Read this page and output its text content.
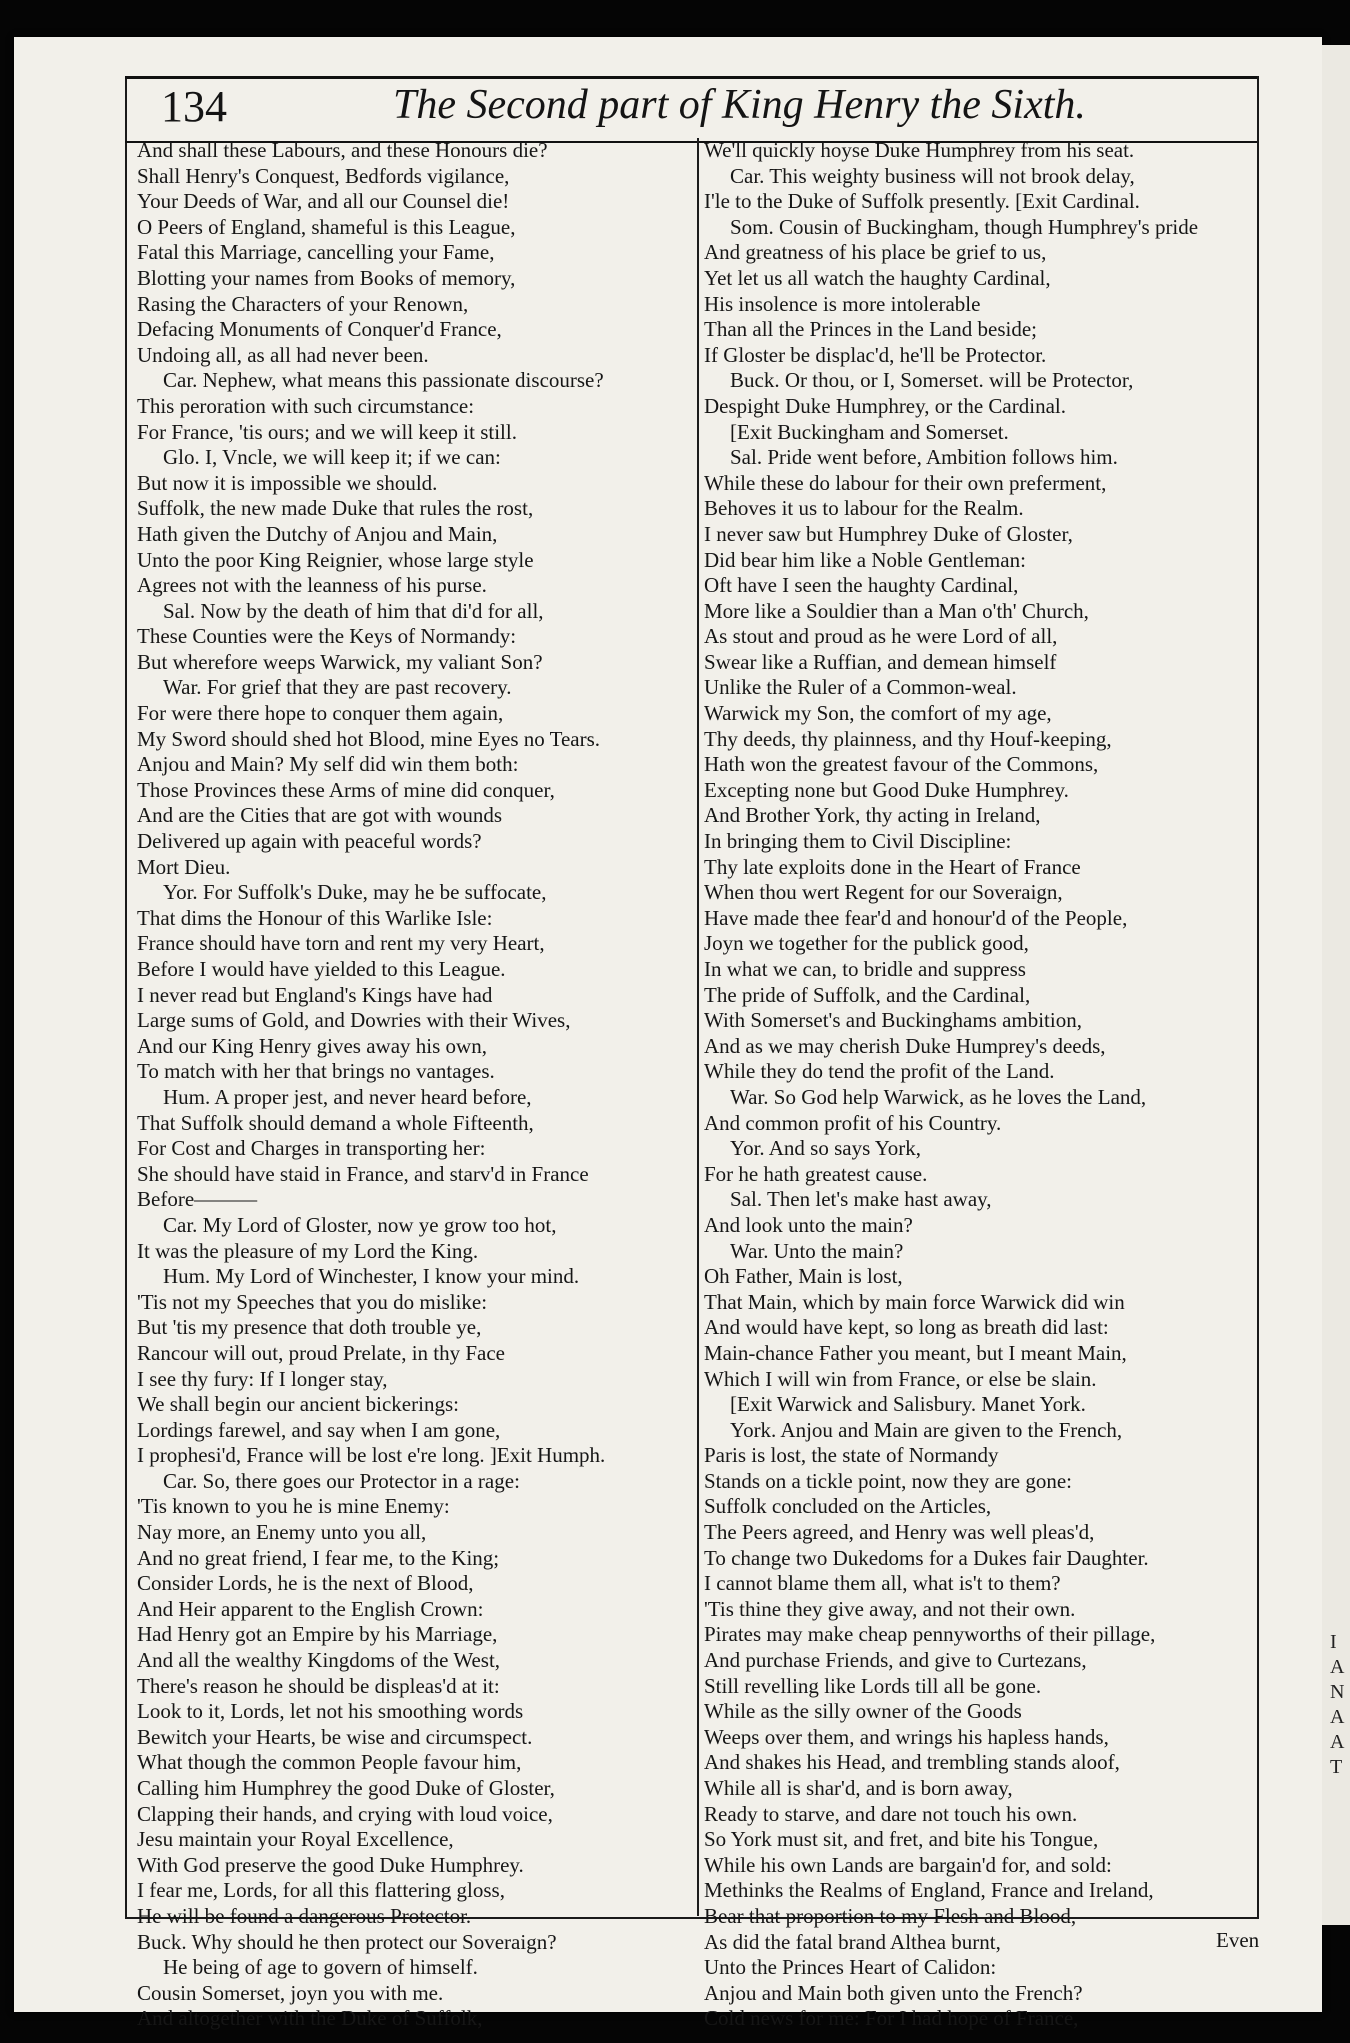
I
A
N
A
A
T
134	The Second part of King Henry the Sixth.
And shall these Labours, and these Honours die?
Shall Henry's Conquest, Bedfords vigilance,
Your Deeds of War, and all our Counsel die!
O Peers of England, shameful is this League,
Fatal this Marriage, cancelling your Fame,
Blotting your names from Books of memory,
Rasing the Characters of your Renown,
Defacing Monuments of Conquer'd France,
Undoing all, as all had never been.
Car. Nephew, what means this passionate discourse?
This peroration with such circumstance:
For France, 'tis ours; and we will keep it still.
Glo. I, Vncle, we will keep it; if we can:
But now it is impossible we should.
Suffolk, the new made Duke that rules the rost,
Hath given the Dutchy of Anjou and Main,
Unto the poor King Reignier, whose large style
Agrees not with the leanness of his purse.
Sal. Now by the death of him that di'd for all,
These Counties were the Keys of Normandy:
But wherefore weeps Warwick, my valiant Son?
War. For grief that they are past recovery.
For were there hope to conquer them again,
My Sword should shed hot Blood, mine Eyes no Tears.
Anjou and Main? My self did win them both:
Those Provinces these Arms of mine did conquer,
And are the Cities that are got with wounds
Delivered up again with peaceful words?
Mort Dieu.
Yor. For Suffolk's Duke, may he be suffocate,
That dims the Honour of this Warlike Isle:
France should have torn and rent my very Heart,
Before I would have yielded to this League.
I never read but England's Kings have had
Large sums of Gold, and Dowries with their Wives,
And our King Henry gives away his own,
To match with her that brings no vantages.
Hum. A proper jest, and never heard before,
That Suffolk should demand a whole Fifteenth,
For Cost and Charges in transporting her:
She should have staid in France, and starv'd in France
Before———
Car. My Lord of Gloster, now ye grow too hot,
It was the pleasure of my Lord the King.
Hum. My Lord of Winchester, I know your mind.
'Tis not my Speeches that you do mislike:
But 'tis my presence that doth trouble ye,
Rancour will out, proud Prelate, in thy Face
I see thy fury: If I longer stay,
We shall begin our ancient bickerings:
Lordings farewel, and say when I am gone,
I prophesi'd, France will be lost e're long. ]Exit Humph.
Car. So, there goes our Protector in a rage:
'Tis known to you he is mine Enemy:
Nay more, an Enemy unto you all,
And no great friend, I fear me, to the King;
Consider Lords, he is the next of Blood,
And Heir apparent to the English Crown:
Had Henry got an Empire by his Marriage,
And all the wealthy Kingdoms of the West,
There's reason he should be displeas'd at it:
Look to it, Lords, let not his smoothing words
Bewitch your Hearts, be wise and circumspect.
What though the common People favour him,
Calling him Humphrey the good Duke of Gloster,
Clapping their hands, and crying with loud voice,
Jesu maintain your Royal Excellence,
With God preserve the good Duke Humphrey.
I fear me, Lords, for all this flattering gloss,
He will be found a dangerous Protector.
Buck. Why should he then protect our Soveraign?
He being of age to govern of himself.
Cousin Somerset, joyn you with me.
And altogether with the Duke of Suffolk,
We'll quickly hoyse Duke Humphrey from his seat.
Car. This weighty business will not brook delay,
I'le to the Duke of Suffolk presently. [Exit Cardinal.
Som. Cousin of Buckingham, though Humphrey's pride
And greatness of his place be grief to us,
Yet let us all watch the haughty Cardinal,
His insolence is more intolerable
Than all the Princes in the Land beside;
If Gloster be displac'd, he'll be Protector.
Buck. Or thou, or I, Somerset. will be Protector,
Despight Duke Humphrey, or the Cardinal.
[Exit Buckingham and Somerset.
Sal. Pride went before, Ambition follows him.
While these do labour for their own preferment,
Behoves it us to labour for the Realm.
I never saw but Humphrey Duke of Gloster,
Did bear him like a Noble Gentleman:
Oft have I seen the haughty Cardinal,
More like a Souldier than a Man o'th' Church,
As stout and proud as he were Lord of all,
Swear like a Ruffian, and demean himself
Unlike the Ruler of a Common-weal.
Warwick my Son, the comfort of my age,
Thy deeds, thy plainness, and thy Houf-keeping,
Hath won the greatest favour of the Commons,
Excepting none but Good Duke Humphrey.
And Brother York, thy acting in Ireland,
In bringing them to Civil Discipline:
Thy late exploits done in the Heart of France
When thou wert Regent for our Soveraign,
Have made thee fear'd and honour'd of the People,
Joyn we together for the publick good,
In what we can, to bridle and suppress
The pride of Suffolk, and the Cardinal,
With Somerset's and Buckinghams ambition,
And as we may cherish Duke Humprey's deeds,
While they do tend the profit of the Land.
War. So God help Warwick, as he loves the Land,
And common profit of his Country.
Yor. And so says York,
For he hath greatest cause.
Sal. Then let's make hast away,
And look unto the main?
War. Unto the main?
Oh Father, Main is lost,
That Main, which by main force Warwick did win
And would have kept, so long as breath did last:
Main-chance Father you meant, but I meant Main,
Which I will win from France, or else be slain.
[Exit Warwick and Salisbury. Manet York.
York. Anjou and Main are given to the French,
Paris is lost, the state of Normandy
Stands on a tickle point, now they are gone:
Suffolk concluded on the Articles,
The Peers agreed, and Henry was well pleas'd,
To change two Dukedoms for a Dukes fair Daughter.
I cannot blame them all, what is't to them?
'Tis thine they give away, and not their own.
Pirates may make cheap pennyworths of their pillage,
And purchase Friends, and give to Curtezans,
Still revelling like Lords till all be gone.
While as the silly owner of the Goods
Weeps over them, and wrings his hapless hands,
And shakes his Head, and trembling stands aloof,
While all is shar'd, and is born away,
Ready to starve, and dare not touch his own.
So York must sit, and fret, and bite his Tongue,
While his own Lands are bargain'd for, and sold:
Methinks the Realms of England, France and Ireland,
Bear that proportion to my Flesh and Blood,
As did the fatal brand Althea burnt,
Unto the Princes Heart of Calidon:
Anjou and Main both given unto the French?
Cold news for me: For I had hope of France,
Even
